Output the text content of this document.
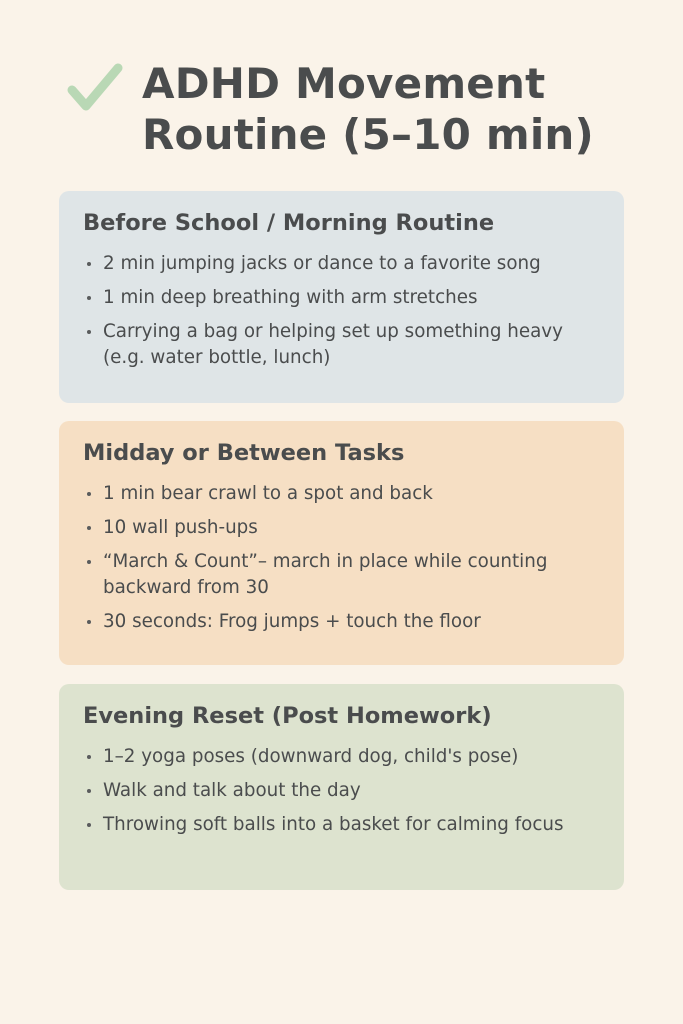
ADHD Movement
Routine (5–10 min)
Before School / Morning Routine
2 min jumping jacks or dance to a favorite song
1 min deep breathing with arm stretches
Carrying a bag or helping set up something heavy (e.g. water bottle, lunch)
Midday or Between Tasks
1 min bear crawl to a spot and back
10 wall push-ups
“March & Count”– march in place while counting backward from 30
30 seconds: Frog jumps + touch the floor
Evening Reset (Post Homework)
1–2 yoga poses (downward dog, child's pose)
Walk and talk about the day
Throwing soft balls into a basket for calming focus
